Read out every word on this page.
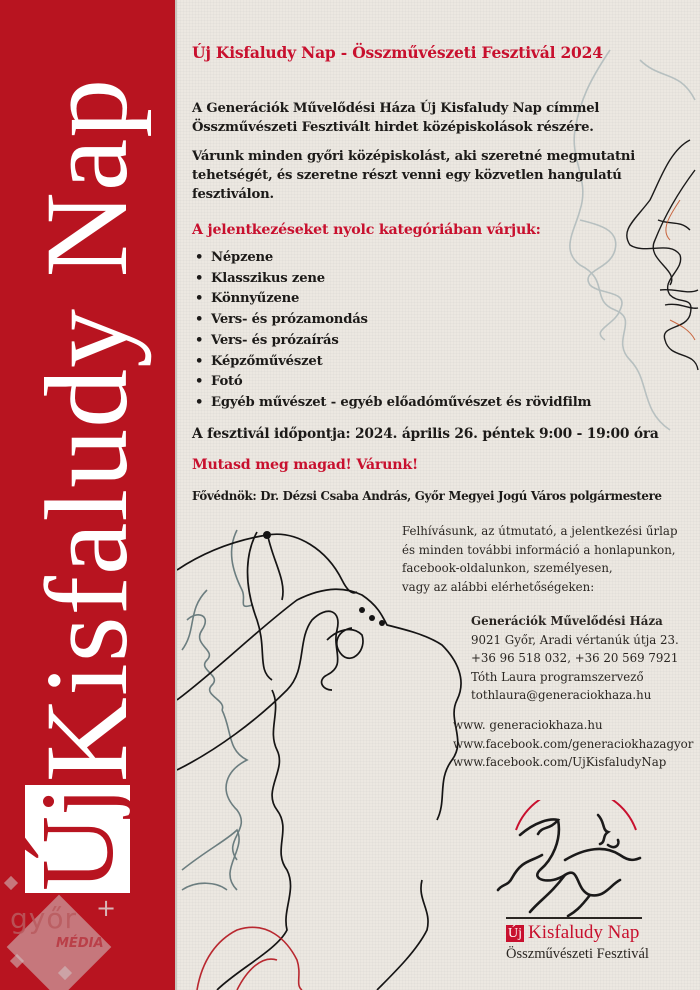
Kisfaludy Nap
Új
győr +
MÉDIA
Új Kisfaludy Nap - Összművészeti Fesztivál 2024

A Generációk Művelődési Háza Új Kisfaludy Nap címmel Összművészeti Fesztivált hirdet középiskolások részére.

Várunk minden győri középiskolást, aki szeretné megmutatni tehetségét, és szeretne részt venni egy közvetlen hangulatú fesztiválon.

A jelentkezéseket nyolc kategóriában várjuk:
• Népzene
• Klasszikus zene
• Könnyűzene
• Vers- és prózamondás
• Vers- és prózaírás
• Képzőművészet
• Fotó
• Egyéb művészet - egyéb előadóművészet és rövidfilm

A fesztivál időpontja: 2024. április 26. péntek 9:00 - 19:00 óra

Mutasd meg magad! Várunk!

Fővédnök: Dr. Dézsi Csaba András, Győr Megyei Jogú Város polgármestere

Felhívásunk, az útmutató, a jelentkezési űrlap
és minden további információ a honlapunkon,
facebook-oldalunkon, személyesen,
vagy az alábbi elérhetőségeken:
Generációk Művelődési Háza
9021 Győr, Aradi vértanúk útja 23.
+36 96 518 032, +36 20 569 7921
Tóth Laura programszervező
tothlaura@generaciokhaza.hu
www. generaciokhaza.hu
www.facebook.com/generaciokhazagyor
www.facebook.com/UjKisfaludyNap
Új Kisfaludy Nap
Összművészeti Fesztivál
